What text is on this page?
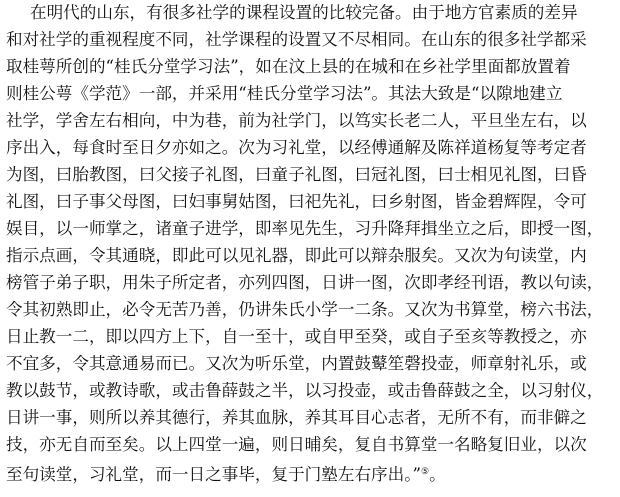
在明代的山东，有很多社学的课程设置的比较完备。由于地方官素质的差异
和对社学的重视程度不同，社学课程的设置又不尽相同。在山东的很多社学都采
取桂萼所创的“桂氏分堂学习法”，如在汶上县的在城和在乡社学里面都放置着
则桂公萼《学范》一部，并采用“桂氏分堂学习法”。其法大致是“以隙地建立
社学，学舍左右相向，中为巷，前为社学门，以笃实长老二人，平旦坐左右，以
序出入，每食时至日夕亦如之。次为习礼堂，以经傅通解及陈祥道杨复等考定者
为图，曰胎教图，曰父接子礼图，曰童子礼图，曰冠礼图，曰士相见礼图，曰昏
礼图，曰子事父母图，曰妇事舅姑图，曰祀先礼，曰乡射图，皆金碧辉陧，令可
娱目，以一师掌之，诸童子进学，即率见先生，习升降拜揖坐立之后，即授一图，
指示点画，令其通晓，即此可以见礼器，即此可以辩杂服矣。又次为句读堂，内
榜管子弟子职，用朱子所定者，亦列四图，日讲一图，次即孝经刊语，教以句读，
令其初熟即止，必令无苦乃善，仍讲朱氏小学一二条。又次为书算堂，榜六书法，
日止教一二，即以四方上下，自一至十，或自甲至癸，或自子至亥等教授之，亦
不宜多，令其意通易而已。又次为听乐堂，内置鼓鼙笙磬投壶，师章射礼乐，或
教以鼓节，或教诗歌，或击鲁薛鼓之半，以习投壶，或击鲁薛鼓之全，以习射仪，
日讲一事，则所以养其德行，养其血脉，养其耳目心志者，无所不有，而非僻之
技，亦无自而至矣。以上四堂一遍，则日晡矣，复自书算堂一名略复旧业，以次
至句读堂，习礼堂，而一日之事毕，复于门塾左右序出。”⑤。
